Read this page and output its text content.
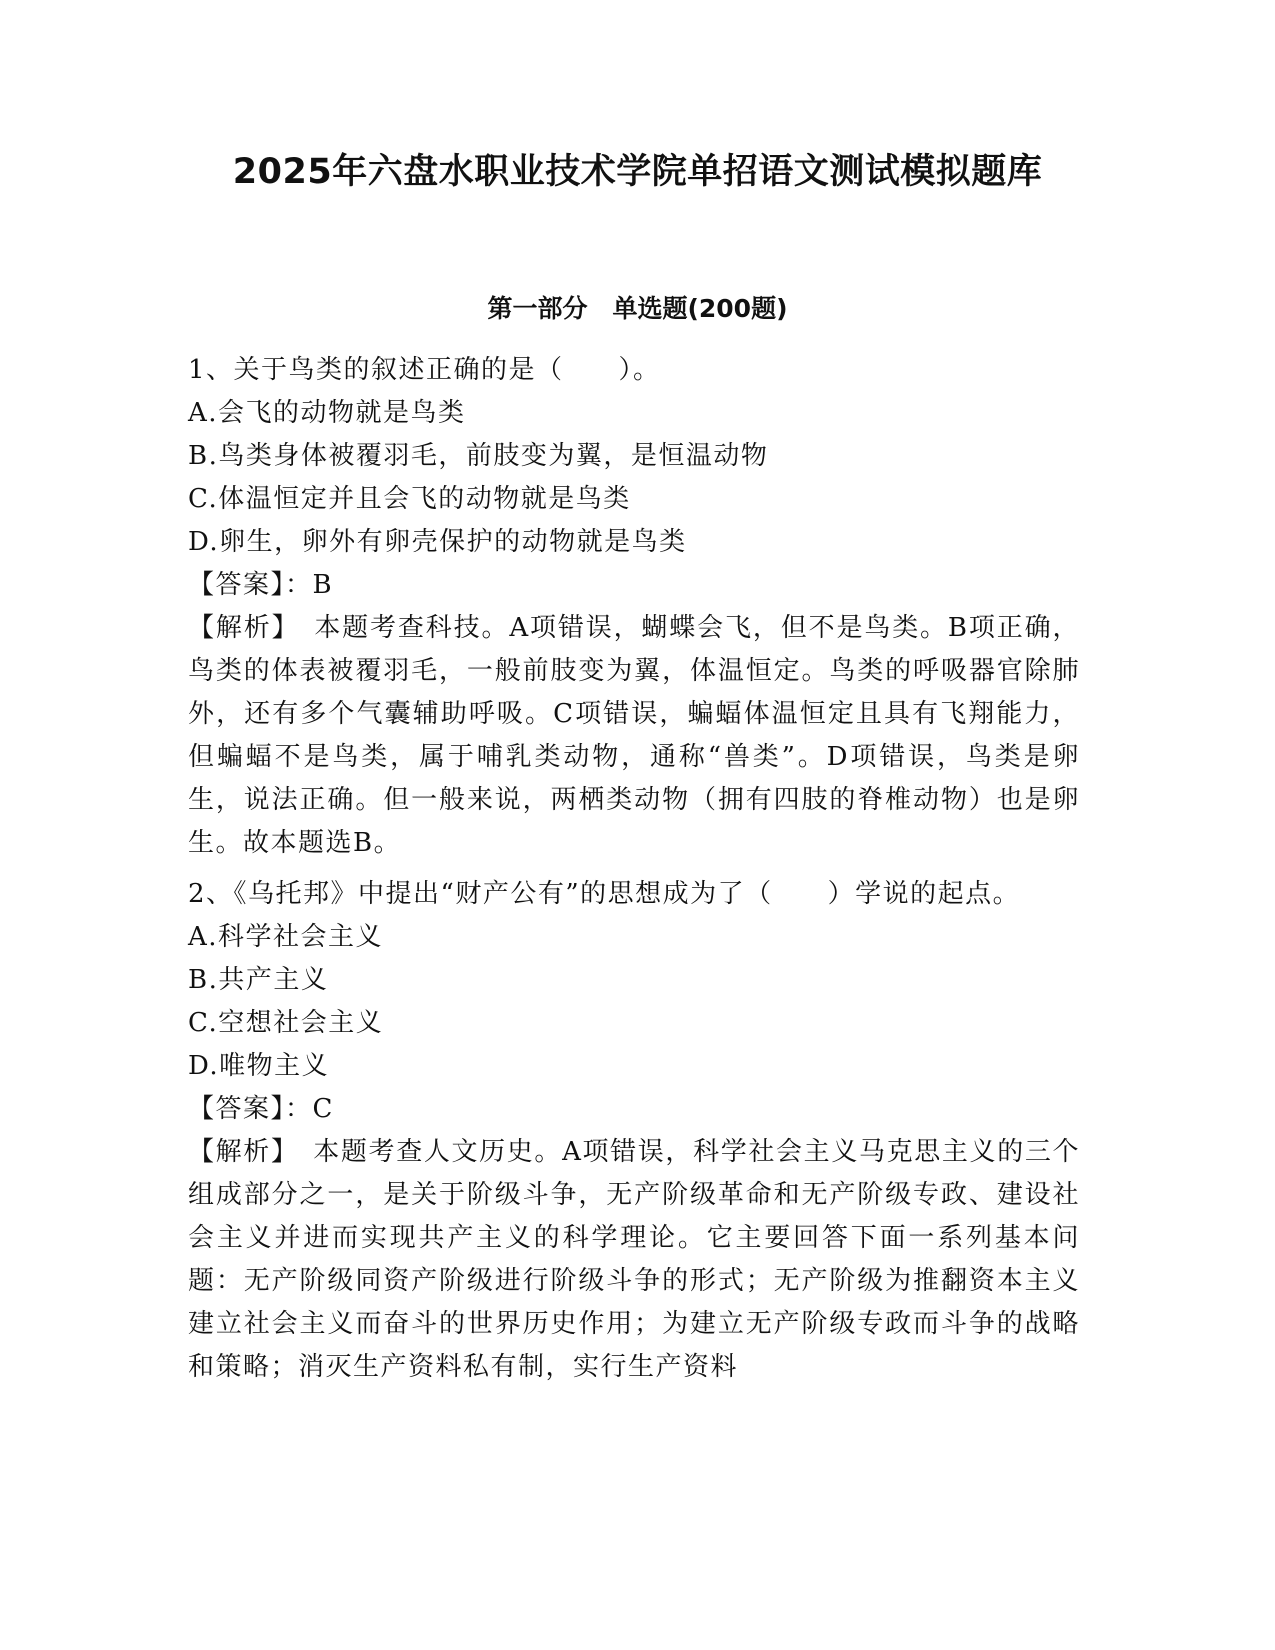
2025年六盘水职业技术学院单招语文测试模拟题库
第一部分　单选题(200题)

1、关于鸟类的叙述正确的是（　　）。

A.会飞的动物就是鸟类

B.鸟类身体被覆羽毛，前肢变为翼，是恒温动物

C.体温恒定并且会飞的动物就是鸟类

D.卵生，卵外有卵壳保护的动物就是鸟类

【答案】：B

【解析】　本题考查科技。A项错误，蝴蝶会飞，但不是鸟类。B项正确，鸟类的体表被覆羽毛，一般前肢变为翼，体温恒定。鸟类的呼吸器官除肺外，还有多个气囊辅助呼吸。C项错误，蝙蝠体温恒定且具有飞翔能力，但蝙蝠不是鸟类，属于哺乳类动物，通称“兽类”。D项错误，鸟类是卵生，说法正确。但一般来说，两栖类动物（拥有四肢的脊椎动物）也是卵生。故本题选B。

2、《乌托邦》中提出“财产公有”的思想成为了（　　）学说的起点。

A.科学社会主义

B.共产主义

C.空想社会主义

D.唯物主义

【答案】：C

【解析】　本题考查人文历史。A项错误，科学社会主义马克思主义的三个组成部分之一，是关于阶级斗争，无产阶级革命和无产阶级专政、建设社会主义并进而实现共产主义的科学理论。它主要回答下面一系列基本问题：无产阶级同资产阶级进行阶级斗争的形式；无产阶级为推翻资本主义建立社会主义而奋斗的世界历史作用；为建立无产阶级专政而斗争的战略和策略；消灭生产资料私有制，实行生产资料
